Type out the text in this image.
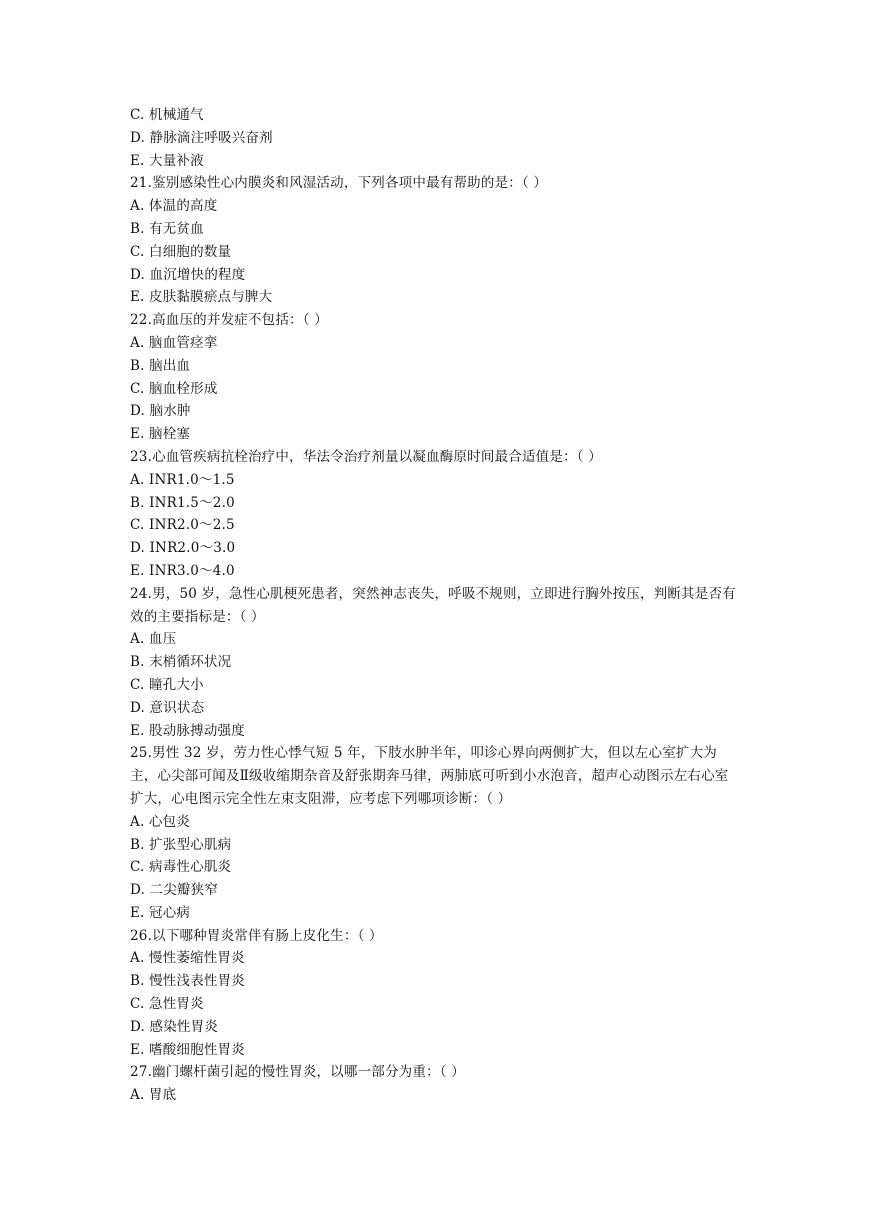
C. 机械通气
D. 静脉滴注呼吸兴奋剂
E. 大量补液
21.鉴别感染性心内膜炎和风湿活动，下列各项中最有帮助的是：（ ）
A. 体温的高度
B. 有无贫血
C. 白细胞的数量
D. 血沉增快的程度
E. 皮肤黏膜瘀点与脾大
22.高血压的并发症不包括：（ ）
A. 脑血管痉挛
B. 脑出血
C. 脑血栓形成
D. 脑水肿
E. 脑栓塞
23.心血管疾病抗栓治疗中，华法令治疗剂量以凝血酶原时间最合适值是：（ ）
A. INR1.0～1.5
B. INR1.5～2.0
C. INR2.0～2.5
D. INR2.0～3.0
E. INR3.0～4.0
24.男，50 岁，急性心肌梗死患者，突然神志丧失，呼吸不规则，立即进行胸外按压，判断其是否有效的主要指标是：（ ）
A. 血压
B. 末梢循环状况
C. 瞳孔大小
D. 意识状态
E. 股动脉搏动强度
25.男性 32 岁，劳力性心悸气短 5 年，下肢水肿半年，叩诊心界向两侧扩大，但以左心室扩大为主，心尖部可闻及Ⅱ级收缩期杂音及舒张期奔马律，两肺底可听到小水泡音，超声心动图示左右心室扩大，心电图示完全性左束支阻滞，应考虑下列哪项诊断：（ ）
A. 心包炎
B. 扩张型心肌病
C. 病毒性心肌炎
D. 二尖瓣狭窄
E. 冠心病
26.以下哪种胃炎常伴有肠上皮化生：（ ）
A. 慢性萎缩性胃炎
B. 慢性浅表性胃炎
C. 急性胃炎
D. 感染性胃炎
E. 嗜酸细胞性胃炎
27.幽门螺杆菌引起的慢性胃炎，以哪一部分为重：（ ）
A. 胃底
